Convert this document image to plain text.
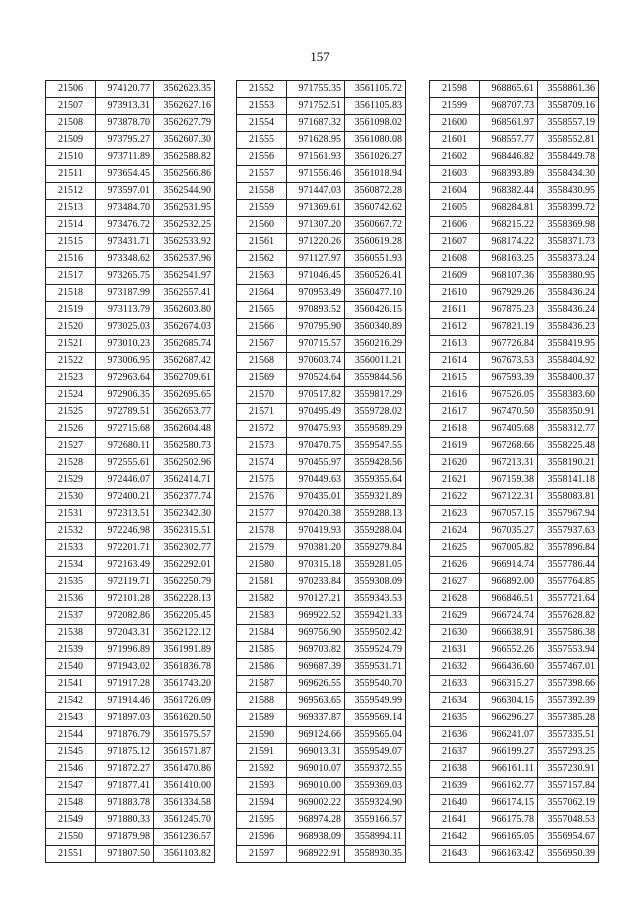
157
21506	974120.77	3562623.35
21507	973913.31	3562627.16
21508	973878.70	3562627.79
21509	973795.27	3562607.30
21510	973711.89	3562588.82
21511	973654.45	3562566.86
21512	973597.01	3562544.90
21513	973484.70	3562531.95
21514	973476.72	3562532.25
21515	973431.71	3562533.92
21516	973348.62	3562537.96
21517	973265.75	3562541.97
21518	973187.99	3562557.41
21519	973113.79	3562603.80
21520	973025.03	3562674.03
21521	973010.23	3562685.74
21522	973006.95	3562687.42
21523	972963.64	3562709.61
21524	972906.35	3562695.65
21525	972789.51	3562653.77
21526	972715.68	3562604.48
21527	972680.11	3562580.73
21528	972555.61	3562502.96
21529	972446.07	3562414.71
21530	972400.21	3562377.74
21531	972313.51	3562342.30
21532	972246.98	3562315.51
21533	972201.71	3562302.77
21534	972163.49	3562292.01
21535	972119.71	3562250.79
21536	972101.28	3562228.13
21537	972082.86	3562205.45
21538	972043.31	3562122.12
21539	971996.89	3561991.89
21540	971943.02	3561836.78
21541	971917.28	3561743.20
21542	971914.46	3561726.09
21543	971897.03	3561620.50
21544	971876.79	3561575.57
21545	971875.12	3561571.87
21546	971872.27	3561470.86
21547	971877.41	3561410.00
21548	971883.78	3561334.58
21549	971880.33	3561245.70
21550	971879.98	3561236.57
21551	971807.50	3561103.82
21552	971755.35	3561105.72
21553	971752.51	3561105.83
21554	971687.32	3561098.02
21555	971628.95	3561080.08
21556	971561.93	3561026.27
21557	971556.46	3561018.94
21558	971447.03	3560872.28
21559	971369.61	3560742.62
21560	971307.20	3560667.72
21561	971220.26	3560619.28
21562	971127.97	3560551.93
21563	971046.45	3560526.41
21564	970953.49	3560477.10
21565	970893.52	3560426.15
21566	970795.90	3560340.89
21567	970715.57	3560216.29
21568	970603.74	3560011.21
21569	970524.64	3559844.56
21570	970517.82	3559817.29
21571	970495.49	3559728.02
21572	970475.93	3559589.29
21573	970470.75	3559547.55
21574	970455.97	3559428.56
21575	970449.63	3559355.64
21576	970435.01	3559321.89
21577	970420.38	3559288.13
21578	970419.93	3559288.04
21579	970381.20	3559279.84
21580	970315.18	3559281.05
21581	970233.84	3559308.09
21582	970127.21	3559343.53
21583	969922.52	3559421.33
21584	969756.90	3559502.42
21585	969703.82	3559524.79
21586	969687.39	3559531.71
21587	969626.55	3559540.70
21588	969563.65	3559549.99
21589	969337.87	3559569.14
21590	969124.66	3559565.04
21591	969013.31	3559549.07
21592	969010.07	3559372.55
21593	969010.00	3559369.03
21594	969002.22	3559324.90
21595	968974.28	3559166.57
21596	968938.09	3558994.11
21597	968922.91	3558930.35
21598	968865.61	3558861.36
21599	968707.73	3558709.16
21600	968561.97	3558557.19
21601	968557.77	3558552.81
21602	968446.82	3558449.78
21603	968393.89	3558434.30
21604	968382.44	3558430.95
21605	968284.81	3558399.72
21606	968215.22	3558369.98
21607	968174.22	3558371.73
21608	968163.25	3558373.24
21609	968107.36	3558380.95
21610	967929.26	3558436.24
21611	967875.23	3558436.24
21612	967821.19	3558436.23
21613	967726.84	3558419.95
21614	967673.53	3558404.92
21615	967593.39	3558400.37
21616	967526.05	3558383.60
21617	967470.50	3558350.91
21618	967405.68	3558312.77
21619	967268.66	3558225.48
21620	967213.31	3558190.21
21621	967159.38	3558141.18
21622	967122.31	3558083.81
21623	967057.15	3557967.94
21624	967035.27	3557937.63
21625	967005.82	3557896.84
21626	966914.74	3557786.44
21627	966892.00	3557764.85
21628	966846.51	3557721.64
21629	966724.74	3557628.82
21630	966638.91	3557586.38
21631	966552.26	3557553.94
21632	966436.60	3557467.01
21633	966315.27	3557398.66
21634	966304.15	3557392.39
21635	966296.27	3557385.28
21636	966241.07	3557335.51
21637	966199.27	3557293.25
21638	966161.11	3557230.91
21639	966162.77	3557157.84
21640	966174.15	3557062.19
21641	966175.78	3557048.53
21642	966165.05	3556954.67
21643	966163.42	3556950.39
